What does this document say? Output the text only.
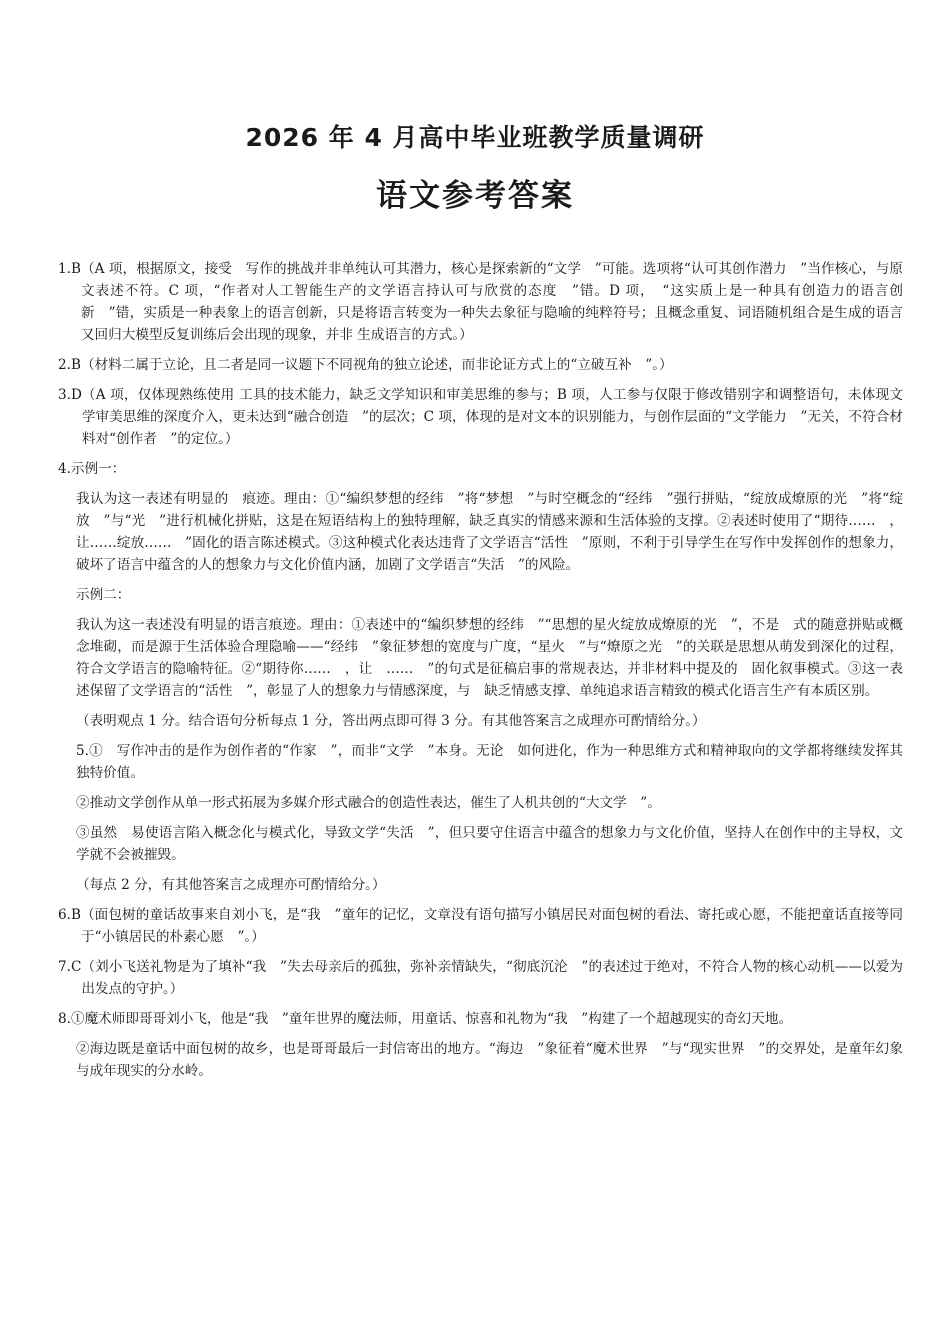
2026 年 4 月高中毕业班教学质量调研
语文参考答案
1.B （A 项，根据原文，接受　写作的挑战并非单纯认可其潜力，核心是探索新的“文学　”可能。选项将“认可其创作潜力　”当作核心，与原文表述不符。C 项，“作者对人工智能生产的文学语言持认可与欣赏的态度　”错。D 项，　“这实质上是一种具有创造力的语言创新　”错，实质是一种表象上的语言创新，只是将语言转变为一种失去象征与隐喻的纯粹符号；且概念重复、词语随机组合是生成的语言又回归大模型反复训练后会出现的现象，并非 生成语言的方式。）
2.B （材料二属于立论，且二者是同一议题下不同视角的独立论述，而非论证方式上的“立破互补　”。）
3.D （A 项，仅体现熟练使用 工具的技术能力，缺乏文学知识和审美思维的参与；B 项，人工参与仅限于修改错别字和调整语句，未体现文学审美思维的深度介入，更未达到“融合创造　”的层次；C 项，体现的是对文本的识别能力，与创作层面的“文学能力　”无关，不符合材料对“创作者　”的定位。）
4. 示例一：
我认为这一表述有明显的　痕迹。理由：①“编织梦想的经纬　”将“梦想　”与时空概念的“经纬　”强行拼贴，“绽放成燎原的光　”将“绽放　”与“光　”进行机械化拼贴，这是在短语结构上的独特理解，缺乏真实的情感来源和生活体验的支撑。②表述时使用了“期待……　，让……绽放……　”固化的语言陈述模式。③这种模式化表达违背了文学语言“活性　”原则，不利于引导学生在写作中发挥创作的想象力，破坏了语言中蕴含的人的想象力与文化价值内涵，加剧了文学语言“失活　”的风险。
示例二：
我认为这一表述没有明显的语言痕迹。理由：①表述中的“编织梦想的经纬　”“思想的星火绽放成燎原的光　”，不是　式的随意拼贴或概念堆砌，而是源于生活体验合理隐喻——“经纬　”象征梦想的宽度与广度，“星火　”与“燎原之光　”的关联是思想从萌发到深化的过程，符合文学语言的隐喻特征。②“期待你……　，让　……　”的句式是征稿启事的常规表达，并非材料中提及的　固化叙事模式。③这一表述保留了文学语言的“活性　”，彰显了人的想象力与情感深度，与　缺乏情感支撑、单纯追求语言精致的模式化语言生产有本质区别。
（表明观点 1 分。结合语句分析每点 1 分，答出两点即可得 3 分。有其他答案言之成理亦可酌情给分。）
5.①　写作冲击的是作为创作者的“作家　”，而非“文学　”本身。无论　如何进化，作为一种思维方式和精神取向的文学都将继续发挥其独特价值。
②推动文学创作从单一形式拓展为多媒介形式融合的创造性表达，催生了人机共创的“大文学　”。
③虽然　易使语言陷入概念化与模式化，导致文学“失活　”，但只要守住语言中蕴含的想象力与文化价值，坚持人在创作中的主导权，文学就不会被摧毁。
（每点 2 分，有其他答案言之成理亦可酌情给分。）
6.B （面包树的童话故事来自刘小飞，是“我　”童年的记忆，文章没有语句描写小镇居民对面包树的看法、寄托或心愿，不能把童话直接等同于“小镇居民的朴素心愿　”。）
7.C （刘小飞送礼物是为了填补“我　”失去母亲后的孤独，弥补亲情缺失，“彻底沉沦　”的表述过于绝对，不符合人物的核心动机——以爱为出发点的守护。）
8. ①魔术师即哥哥刘小飞，他是“我　”童年世界的魔法师，用童话、惊喜和礼物为“我　”构建了一个超越现实的奇幻天地。
②海边既是童话中面包树的故乡，也是哥哥最后一封信寄出的地方。“海边　”象征着“魔术世界　”与“现实世界　”的交界处，是童年幻象与成年现实的分水岭。
